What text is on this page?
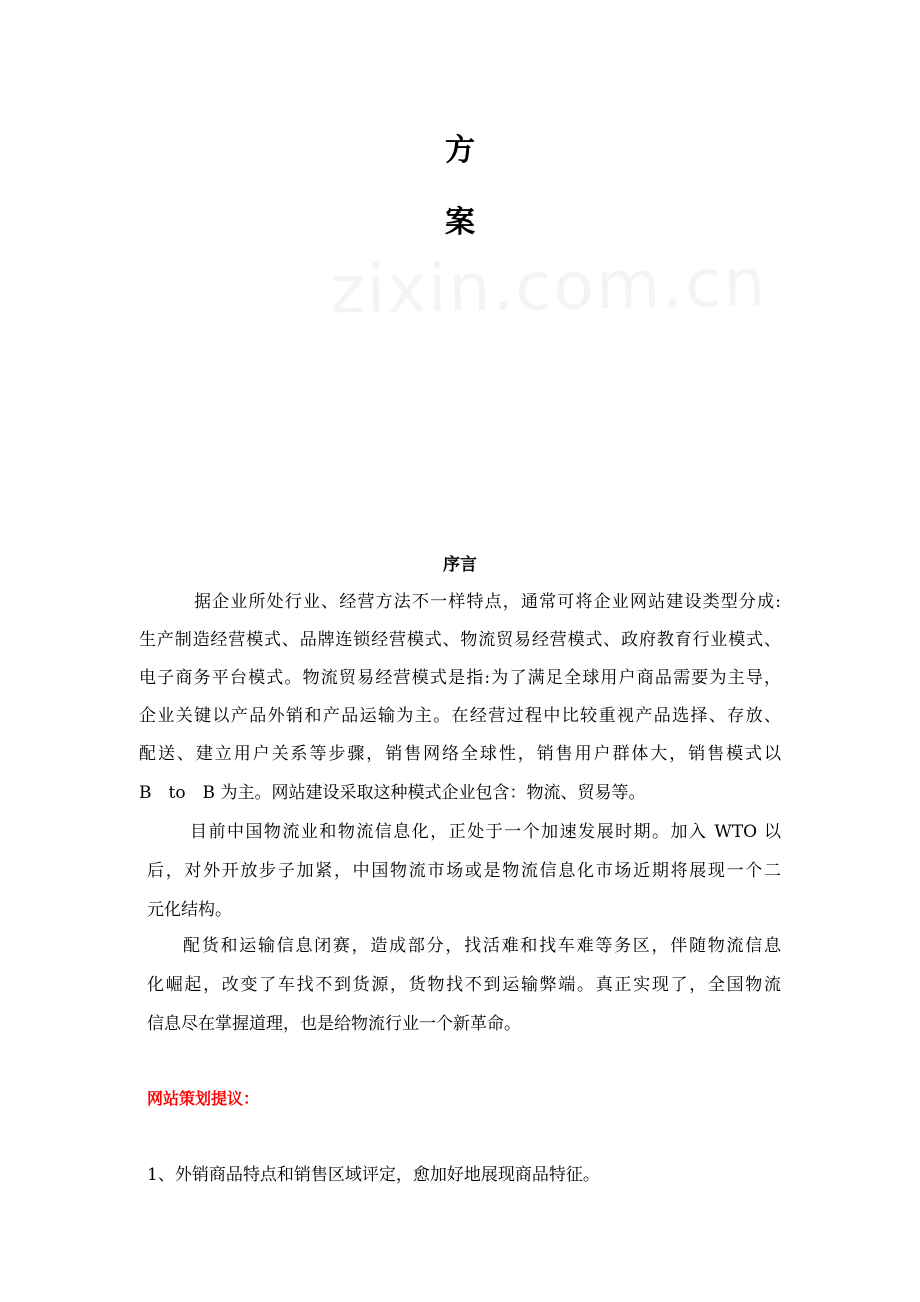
方
案
序言
据企业所处行业、经营方法不一样特点，通常可将企业网站建设类型分成:
生产制造经营模式、品牌连锁经营模式、物流贸易经营模式、政府教育行业模式、
电子商务平台模式。物流贸易经营模式是指:为了满足全球用户商品需要为主导，
企业关键以产品外销和产品运输为主。在经营过程中比较重视产品选择、存放、
配送、建立用户关系等步骤，销售网络全球性，销售用户群体大，销售模式以
B　to　B 为主。网站建设采取这种模式企业包含：物流、贸易等。
目前中国物流业和物流信息化，正处于一个加速发展时期。加入 WTO 以
后，对外开放步子加紧，中国物流市场或是物流信息化市场近期将展现一个二
元化结构。
配货和运输信息闭赛，造成部分，找活难和找车难等务区，伴随物流信息
化崛起，改变了车找不到货源，货物找不到运输弊端。真正实现了，全国物流
信息尽在掌握道理，也是给物流行业一个新革命。
网站策划提议：
1、外销商品特点和销售区域评定，愈加好地展现商品特征。
